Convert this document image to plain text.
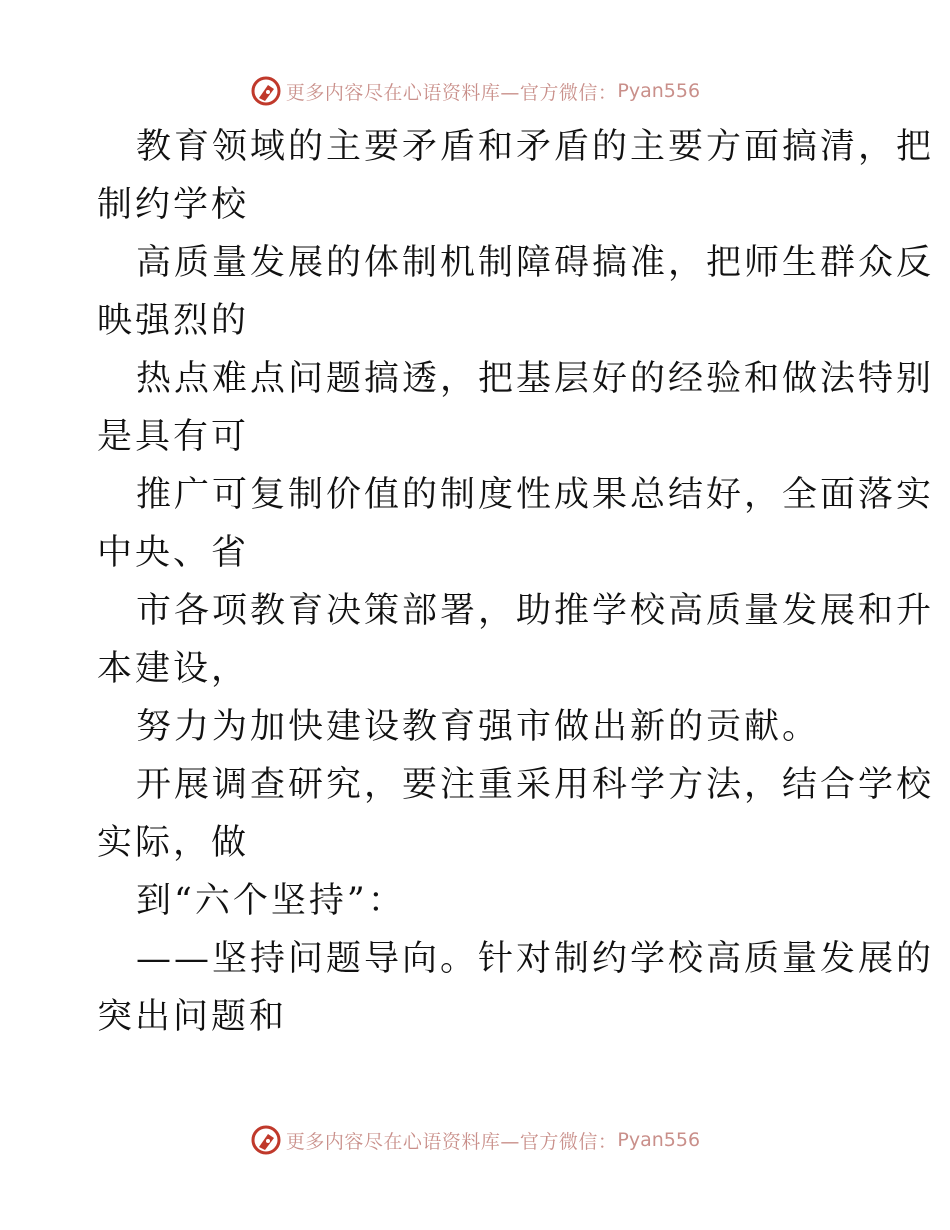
更多内容尽在心语资料库—官方微信： Pyan556
教育领域的主要矛盾和矛盾的主要方面搞清，把
制约学校
高质量发展的体制机制障碍搞准，把师生群众反
映强烈的
热点难点问题搞透，把基层好的经验和做法特别
是具有可
推广可复制价值的制度性成果总结好，全面落实
中央、省
市各项教育决策部署，助推学校高质量发展和升
本建设，
努力为加快建设教育强市做出新的贡献。
开展调查研究，要注重采用科学方法，结合学校
实际，做
到“六个坚持”：
——坚持问题导向。针对制约学校高质量发展的
突出问题和
更多内容尽在心语资料库—官方微信： Pyan556
